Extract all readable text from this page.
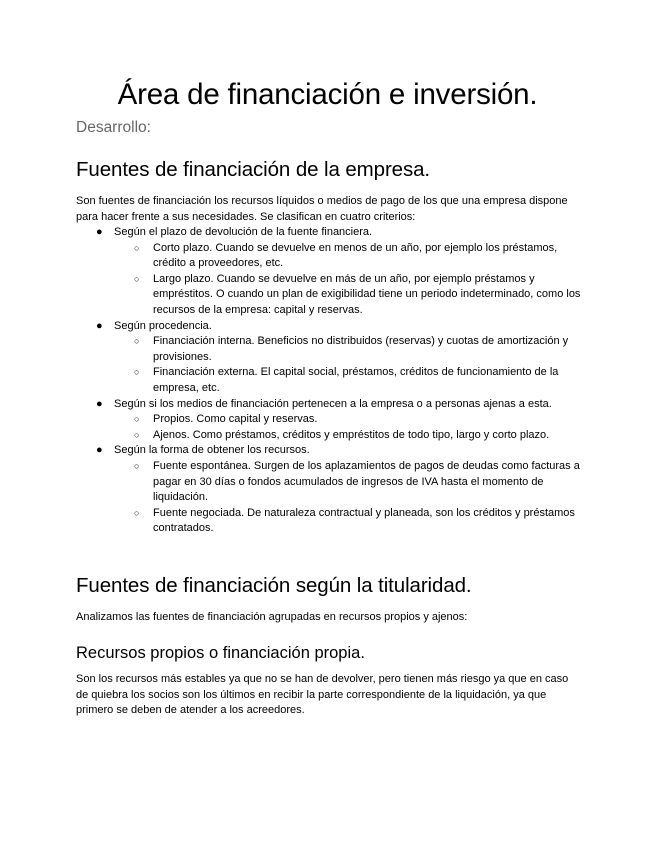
Área de financiación e inversión.

Desarrollo:

Fuentes de financiación de la empresa.

Son fuentes de financiación los recursos líquidos o medios de pago de los que una empresa dispone para hacer frente a sus necesidades. Se clasifican en cuatro criterios:

●	Según el plazo de devolución de la fuente financiera.
○ Corto plazo. Cuando se devuelve en menos de un año, por ejemplo los préstamos, crédito a proveedores, etc.
○ Largo plazo. Cuando se devuelve en más de un año, por ejemplo préstamos y empréstitos. O cuando un plan de exigibilidad tiene un periodo indeterminado, como los recursos de la empresa: capital y reservas.
●	Según procedencia.
○ Financiación interna. Beneficios no distribuidos (reservas) y cuotas de amortización y provisiones.
○ Financiación externa. El capital social, préstamos, créditos de funcionamiento de la empresa, etc.
●	Según si los medios de financiación pertenecen a la empresa o a personas ajenas a esta.
○ Propios. Como capital y reservas.
○ Ajenos. Como préstamos, créditos y empréstitos de todo tipo, largo y corto plazo.
●	Según la forma de obtener los recursos.
○ Fuente espontánea. Surgen de los aplazamientos de pagos de deudas como facturas a pagar en 30 días o fondos acumulados de ingresos de IVA hasta el momento de liquidación.
○ Fuente negociada. De naturaleza contractual y planeada, son los créditos y préstamos contratados.
Fuentes de financiación según la titularidad.

Analizamos las fuentes de financiación agrupadas en recursos propios y ajenos:

Recursos propios o financiación propia.

Son los recursos más estables ya que no se han de devolver, pero tienen más riesgo ya que en caso de quiebra los socios son los últimos en recibir la parte correspondiente de la liquidación, ya que primero se deben de atender a los acreedores.
